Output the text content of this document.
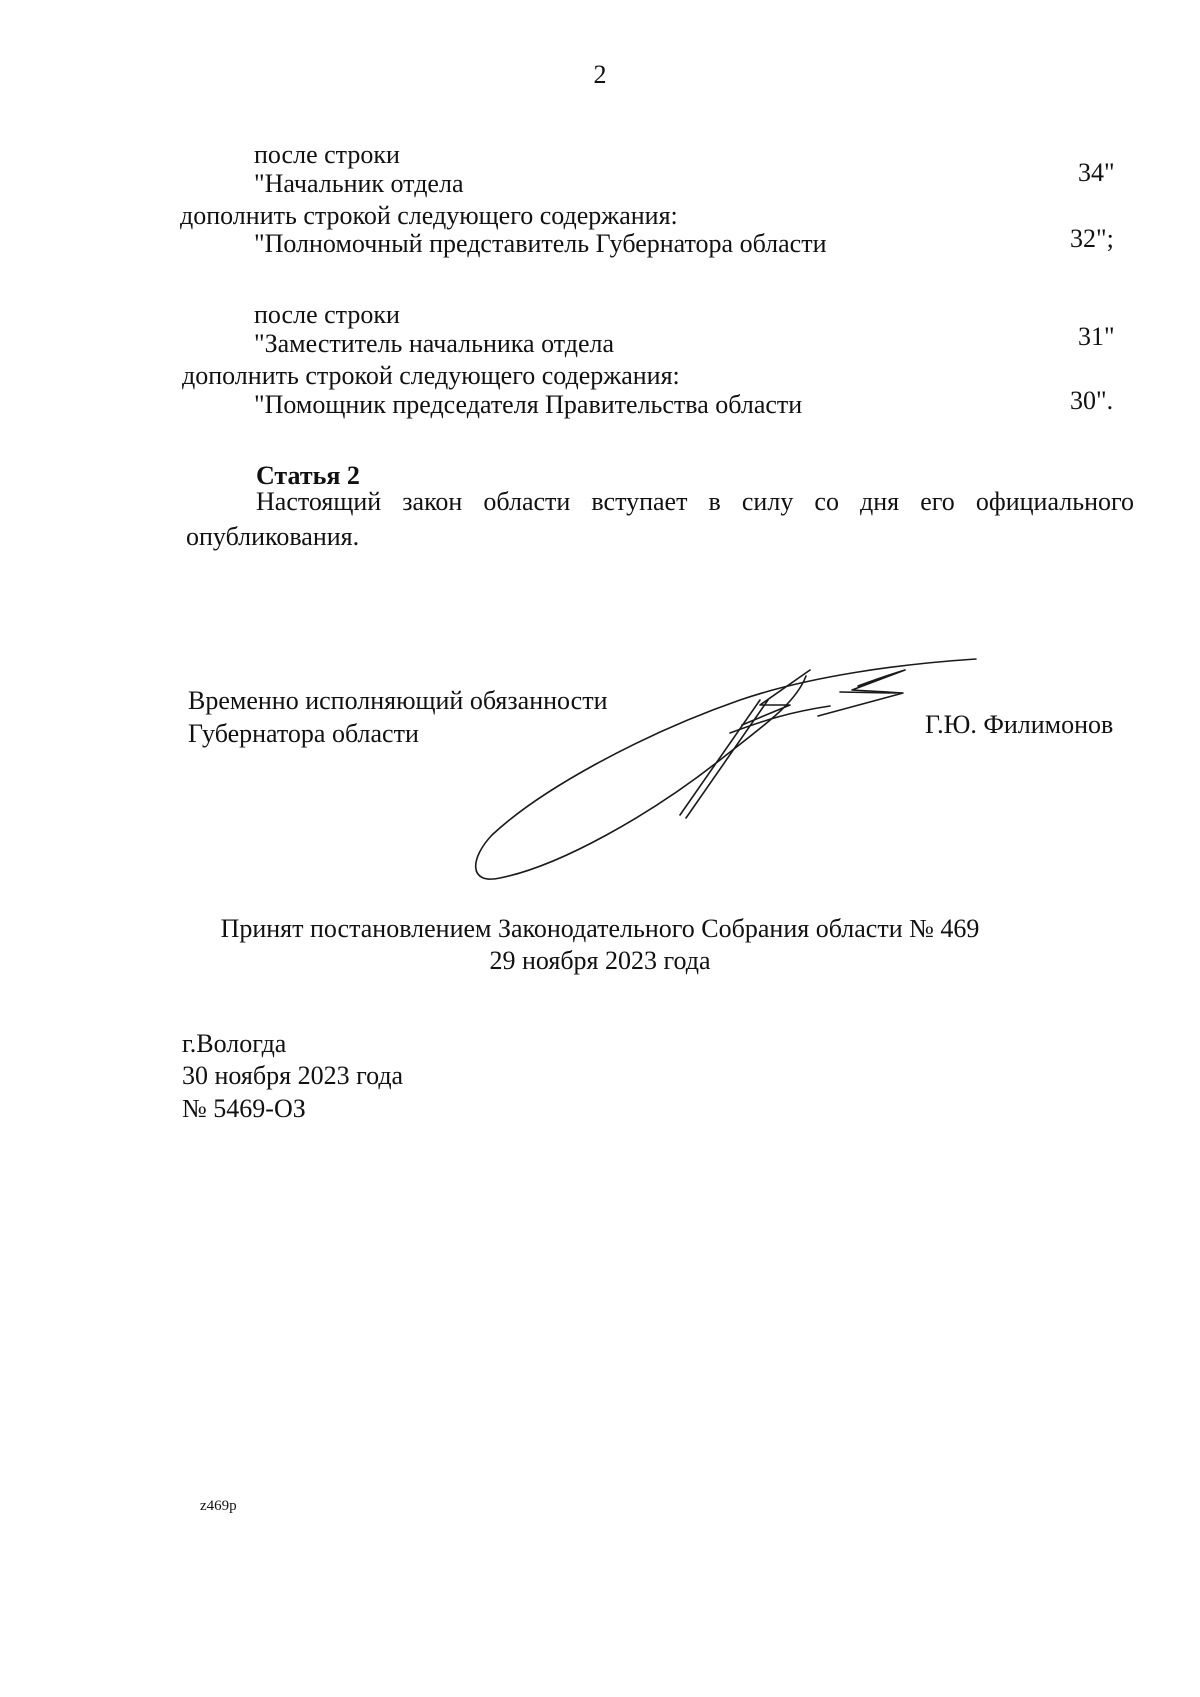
2
после строки
"Начальник отдела	34"
дополнить строкой следующего содержания:
"Полномочный представитель Губернатора области	32";
после строки
"Заместитель начальника отдела	31"
дополнить строкой следующего содержания:
"Помощник председателя Правительства области	30".
Статья 2
Настоящий закон области вступает в силу со дня его официального опубликования.
Временно исполняющий обязанности
Губернатора области	Г.Ю. Филимонов
Принят постановлением Законодательного Собрания области № 469
29 ноября 2023 года
г.Вологда
30 ноября 2023 года
№ 5469-ОЗ
z469p
